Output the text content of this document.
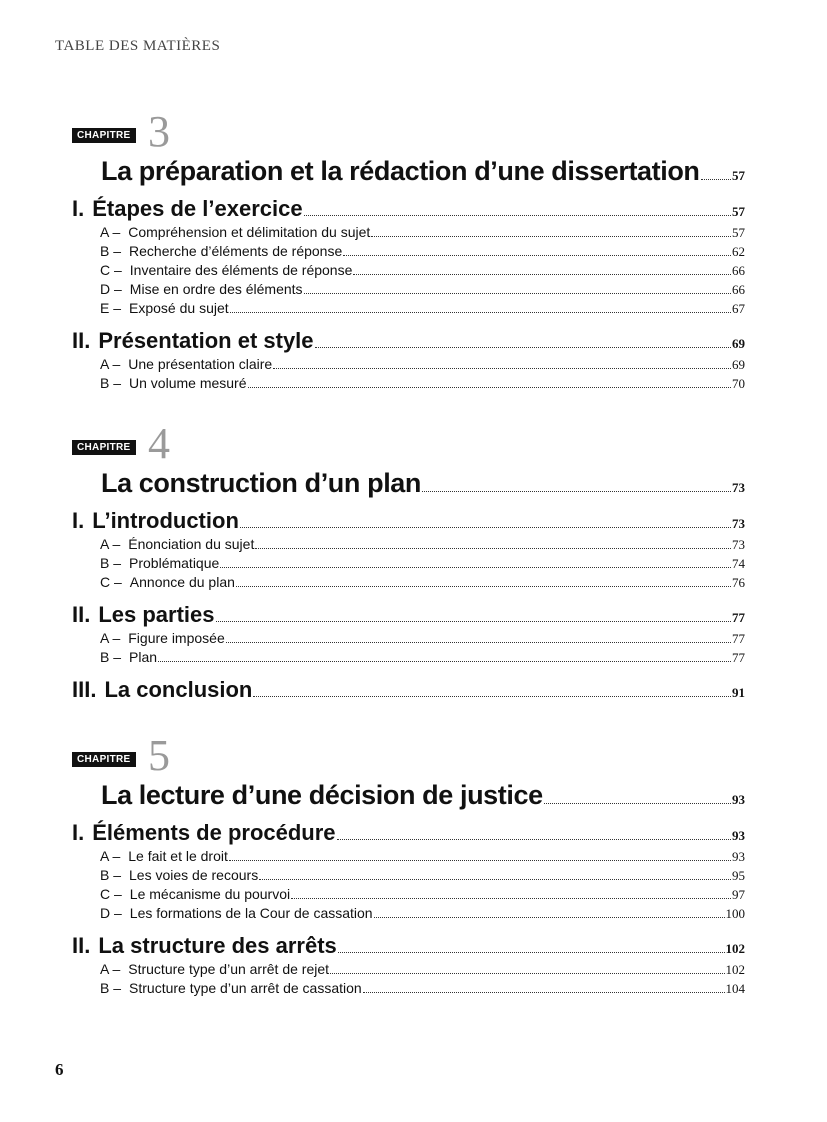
TABLE DES MATIÈRES
CHAPITRE 3
La préparation et la rédaction d’une dissertation 57
I. Étapes de l’exercice	57
A – Compréhension et délimitation du sujet	57
B – Recherche d’éléments de réponse	62
C – Inventaire des éléments de réponse	66
D – Mise en ordre des éléments	66
E – Exposé du sujet	67
II. Présentation et style	69
A – Une présentation claire	69
B – Un volume mesuré	70
CHAPITRE 4
La construction d’un plan	73
I. L’introduction	73
A – Énonciation du sujet	73
B – Problématique	74
C – Annonce du plan	76
II. Les parties	77
A – Figure imposée	77
B – Plan	77
III. La conclusion	91
CHAPITRE 5
La lecture d’une décision de justice	93
I. Éléments de procédure	93
A – Le fait et le droit	93
B – Les voies de recours	95
C – Le mécanisme du pourvoi	97
D – Les formations de la Cour de cassation	100
II. La structure des arrêts	102
A – Structure type d’un arrêt de rejet	102
B – Structure type d’un arrêt de cassation	104
6
